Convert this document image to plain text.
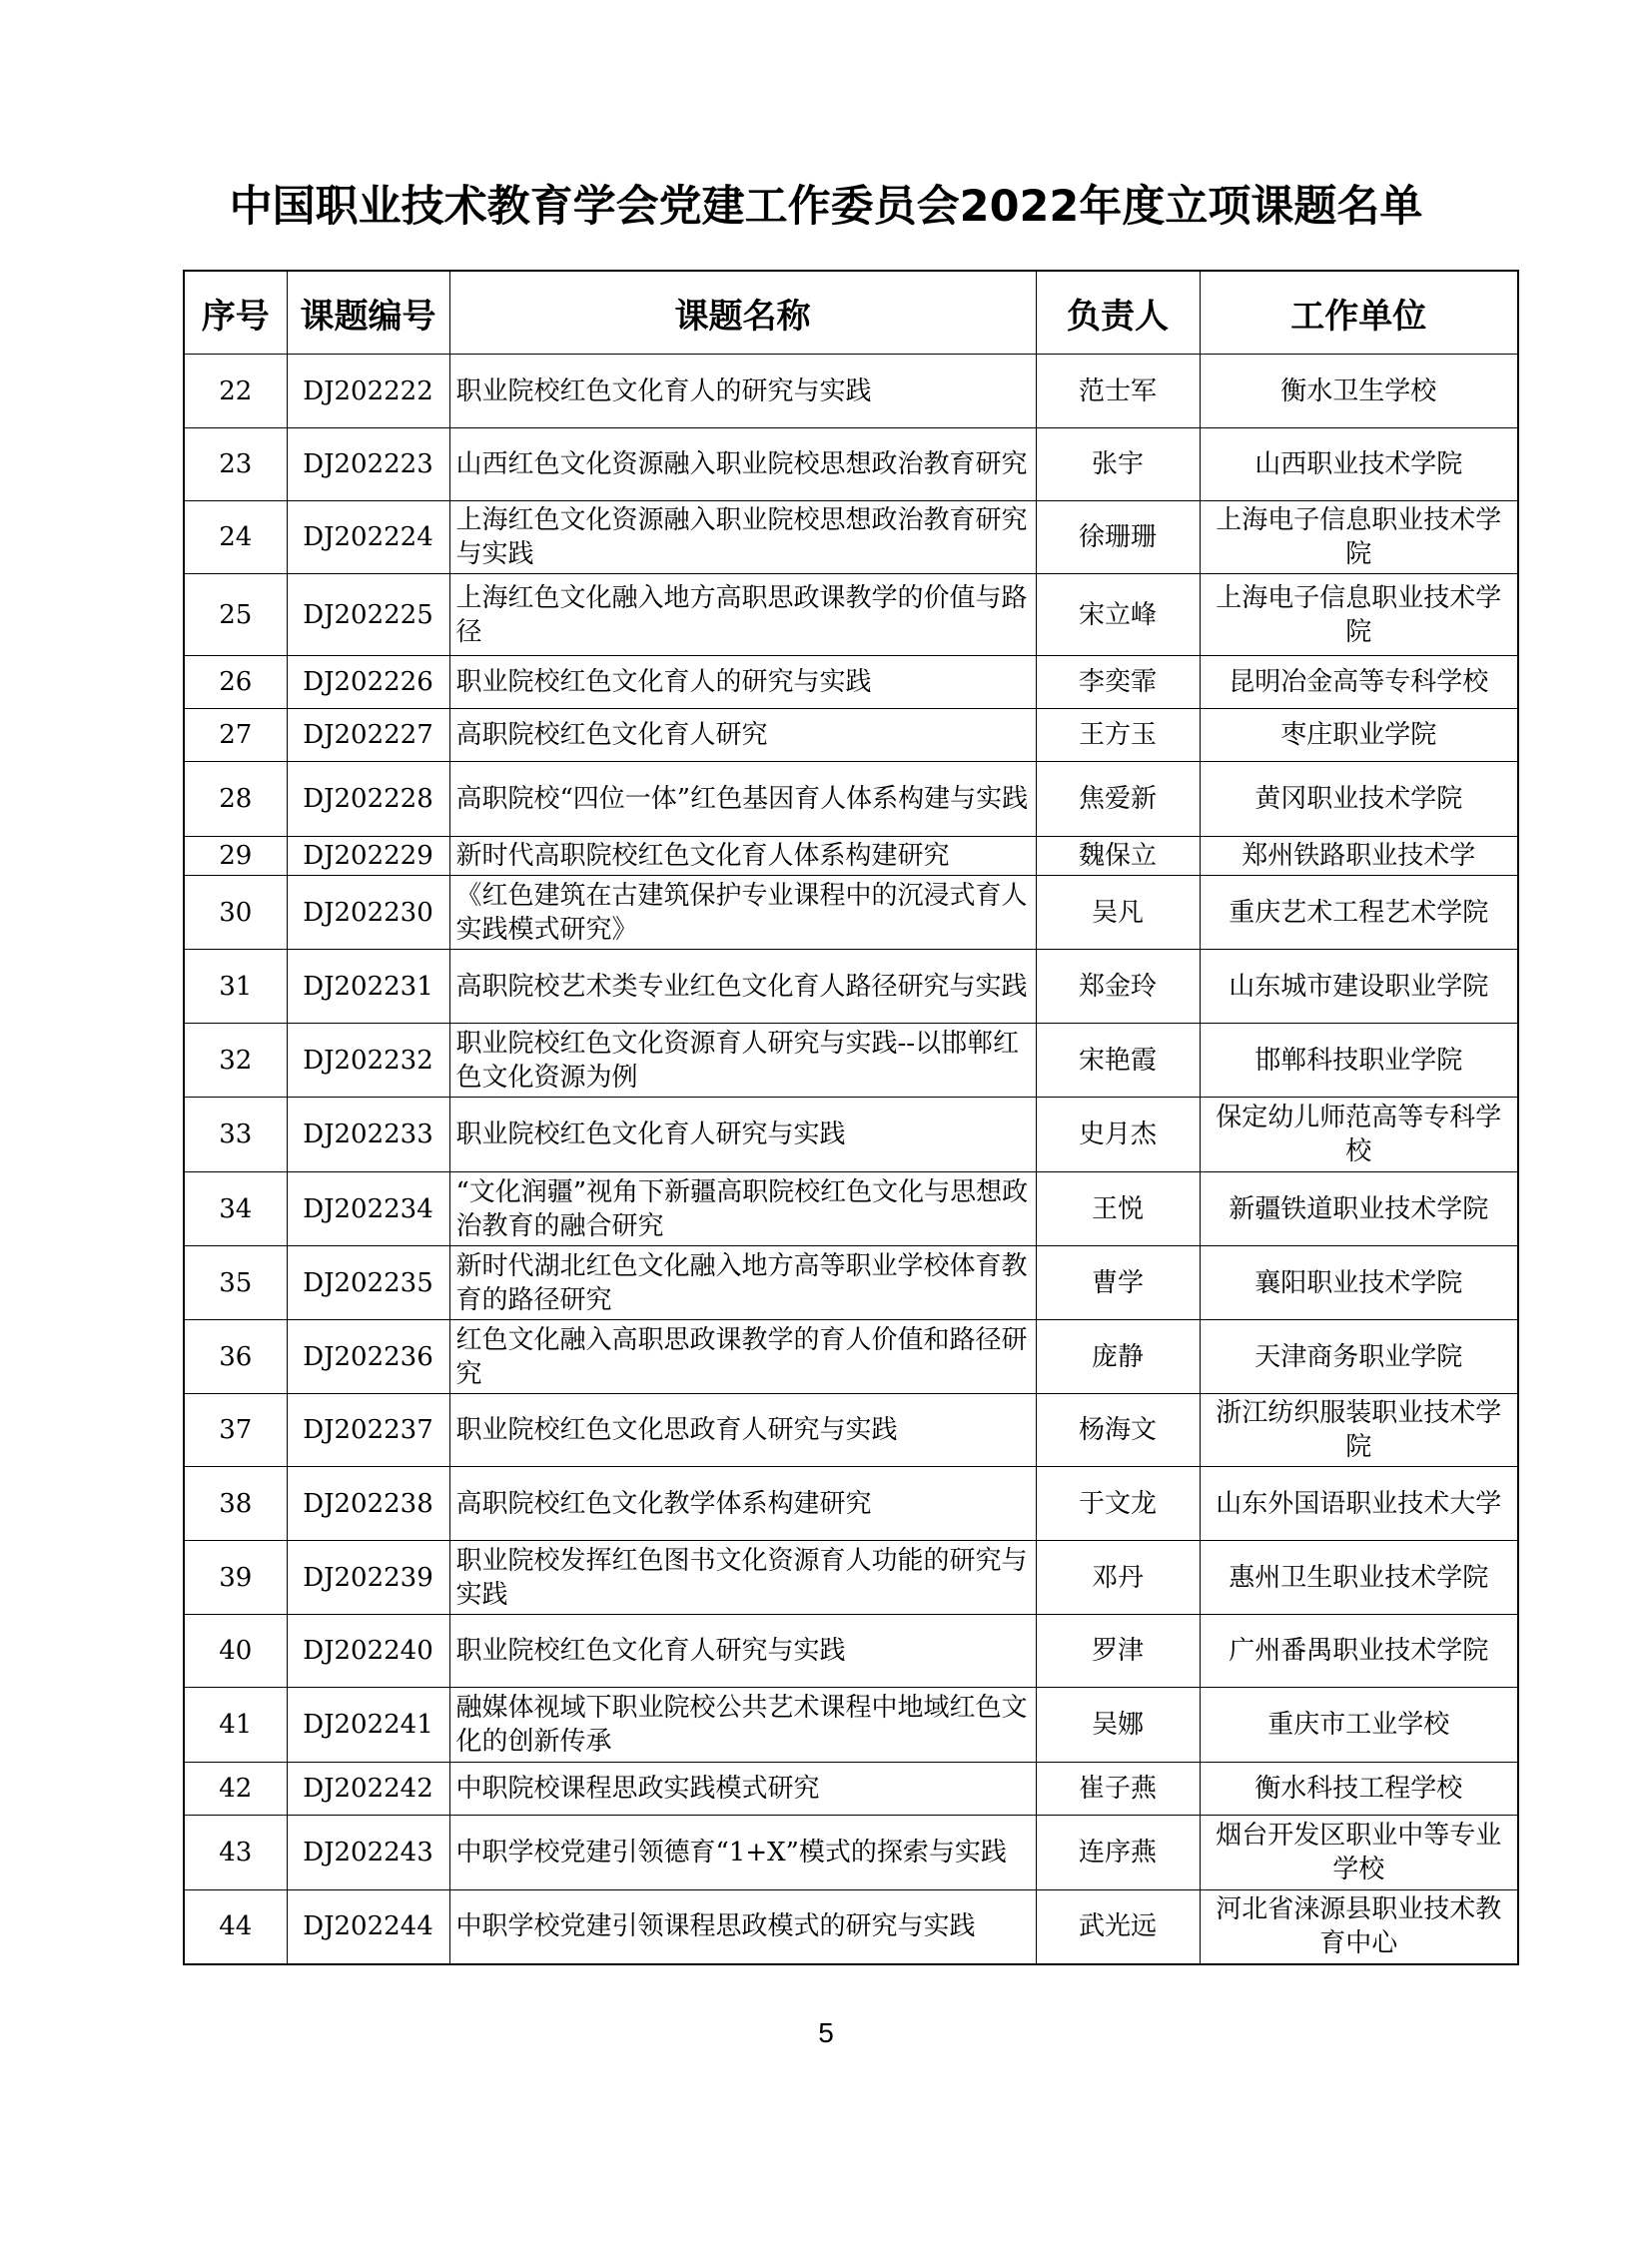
中国职业技术教育学会党建工作委员会2022年度立项课题名单
序号	课题编号	课题名称	负责人	工作单位
22	DJ202222	职业院校红色文化育人的研究与实践	范士军	衡水卫生学校
23	DJ202223	山西红色文化资源融入职业院校思想政治教育研究	张宇	山西职业技术学院
24	DJ202224	上海红色文化资源融入职业院校思想政治教育研究与实践	徐珊珊	上海电子信息职业技术学院
25	DJ202225	上海红色文化融入地方高职思政课教学的价值与路径	宋立峰	上海电子信息职业技术学院
26	DJ202226	职业院校红色文化育人的研究与实践	李奕霏	昆明冶金高等专科学校
27	DJ202227	高职院校红色文化育人研究	王方玉	枣庄职业学院
28	DJ202228	高职院校“四位一体”红色基因育人体系构建与实践	焦爱新	黄冈职业技术学院
29	DJ202229	新时代高职院校红色文化育人体系构建研究	魏保立	郑州铁路职业技术学
30	DJ202230	《红色建筑在古建筑保护专业课程中的沉浸式育人实践模式研究》	吴凡	重庆艺术工程艺术学院
31	DJ202231	高职院校艺术类专业红色文化育人路径研究与实践	郑金玲	山东城市建设职业学院
32	DJ202232	职业院校红色文化资源育人研究与实践--以邯郸红色文化资源为例	宋艳霞	邯郸科技职业学院
33	DJ202233	职业院校红色文化育人研究与实践	史月杰	保定幼儿师范高等专科学校
34	DJ202234	“文化润疆”视角下新疆高职院校红色文化与思想政治教育的融合研究	王悦	新疆铁道职业技术学院
35	DJ202235	新时代湖北红色文化融入地方高等职业学校体育教育的路径研究	曹学	襄阳职业技术学院
36	DJ202236	红色文化融入高职思政课教学的育人价值和路径研究	庞静	天津商务职业学院
37	DJ202237	职业院校红色文化思政育人研究与实践	杨海文	浙江纺织服装职业技术学院
38	DJ202238	高职院校红色文化教学体系构建研究	于文龙	山东外国语职业技术大学
39	DJ202239	职业院校发挥红色图书文化资源育人功能的研究与实践	邓丹	惠州卫生职业技术学院
40	DJ202240	职业院校红色文化育人研究与实践	罗津	广州番禺职业技术学院
41	DJ202241	融媒体视域下职业院校公共艺术课程中地域红色文化的创新传承	吴娜	重庆市工业学校
42	DJ202242	中职院校课程思政实践模式研究	崔子燕	衡水科技工程学校
43	DJ202243	中职学校党建引领德育“1+X”模式的探索与实践	连序燕	烟台开发区职业中等专业学校
44	DJ202244	中职学校党建引领课程思政模式的研究与实践	武光远	河北省涞源县职业技术教育中心
5
